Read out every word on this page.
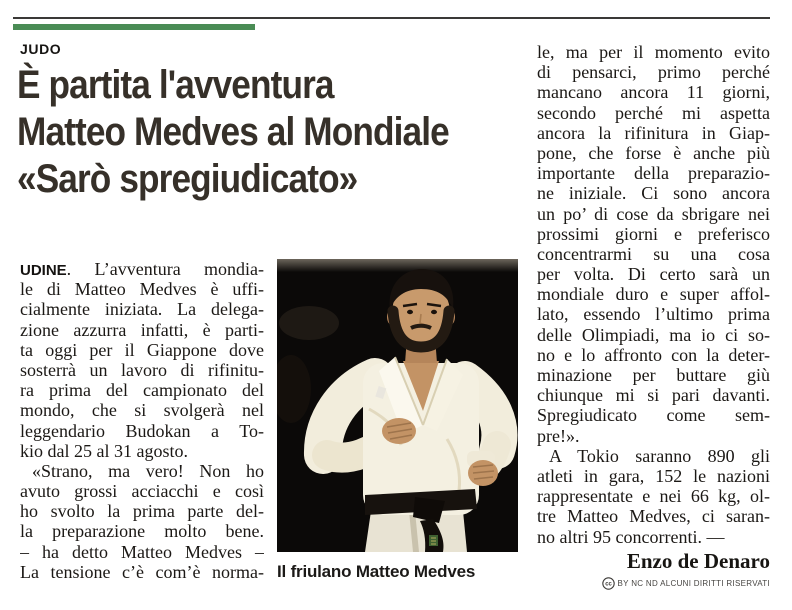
JUDO
È partita l'avventura
Matteo Medves al Mondiale
«Sarò spregiudicato»
UDINE. L’avventura mondia-
le di Matteo Medves è uffi-
cialmente iniziata. La delega-
zione azzurra infatti, è parti-
ta oggi per il Giappone dove
sosterrà un lavoro di rifinitu-
ra prima del campionato del
mondo, che si svolgerà nel
leggendario Budokan a To-
kio dal 25 al 31 agosto.
«Strano, ma vero! Non ho
avuto grossi acciacchi e così
ho svolto la prima parte del-
la preparazione molto bene.
– ha detto Matteo Medves –
La tensione c’è com’è norma- Il friulano Matteo Medves
le, ma per il momento evito
di pensarci, primo perché
mancano ancora 11 giorni,
secondo perché mi aspetta
ancora la rifinitura in Giap-
pone, che forse è anche più
importante della preparazio-
ne iniziale. Ci sono ancora
un po’ di cose da sbrigare nei
prossimi giorni e preferisco
concentrarmi su una cosa
per volta. Di certo sarà un
mondiale duro e super affol-
lato, essendo l’ultimo prima
delle Olimpiadi, ma io ci so-
no e lo affronto con la deter-
minazione per buttare giù
chiunque mi si pari davanti.
Spregiudicato come sem-
pre!».
A Tokio saranno 890 gli
atleti in gara, 152 le nazioni
rappresentate e nei 66 kg, ol-
tre Matteo Medves, ci saran-
no altri 95 concorrenti. —
Enzo de Denaro
cc BY NC ND ALCUNI DIRITTI RISERVATI
